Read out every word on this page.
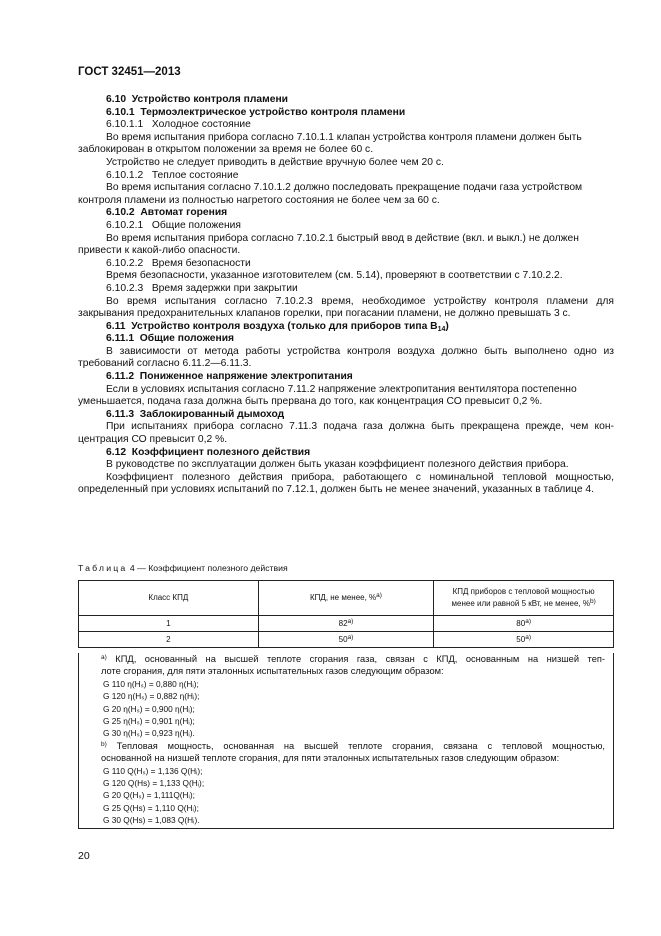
ГОСТ 32451—2013
6.10 Устройство контроля пламени
6.10.1 Термоэлектрическое устройство контроля пламени
6.10.1.1 Холодное состояние
Во время испытания прибора согласно 7.10.1.1 клапан устройства контроля пламени должен быть
заблокирован в открытом положении за время не более 60 с.
Устройство не следует приводить в действие вручную более чем 20 с.
6.10.1.2 Теплое состояние
Во время испытания согласно 7.10.1.2 должно последовать прекращение подачи газа устройством
контроля пламени из полностью нагретого состояния не более чем за 60 с.
6.10.2 Автомат горения
6.10.2.1 Общие положения
Во время испытания прибора согласно 7.10.2.1 быстрый ввод в действие (вкл. и выкл.) не должен
привести к какой-либо опасности.
6.10.2.2 Время безопасности
Время безопасности, указанное изготовителем (см. 5.14), проверяют в соответствии с 7.10.2.2.
6.10.2.3 Время задержки при закрытии
Во время испытания согласно 7.10.2.3 время, необходимое устройству контроля пламени для
закрывания предохранительных клапанов горелки, при погасании пламени, не должно превышать 3 с.
6.11 Устройство контроля воздуха (только для приборов типа $B_{14}$)
6.11.1 Общие положения
В зависимости от метода работы устройства контроля воздуха должно быть выполнено одно из
требований согласно 6.11.2—6.11.3.
6.11.2 Пониженное напряжение электропитания
Если в условиях испытания согласно 7.11.2 напряжение электропитания вентилятора постепенно
уменьшается, подача газа должна быть прервана до того, как концентрация СО превысит 0,2 %.
6.11.3 Заблокированный дымоход
При испытаниях прибора согласно 7.11.3 подача газа должна быть прекращена прежде, чем кон-
центрация СО превысит 0,2 %.
6.12 Коэффициент полезного действия
В руководстве по эксплуатации должен быть указан коэффициент полезного действия прибора.
Коэффициент полезного действия прибора, работающего с номинальной тепловой мощностью,
определенный при условиях испытаний по 7.12.1, должен быть не менее значений, указанных в таблице 4.
Таблица 4 — Коэффициент полезного действия
Класс КПД	КПД, не менее, %$^{a)}$	КПД приборов с тепловой мощностью
менее или равной 5 кВт, не менее, %$^{b)}$
1	82$^{a)}$	80$^{a)}$
2	50$^{a)}$	50$^{a)}$
$^{a)}$ КПД, основанный на высшей теплоте сгорания газа, связан с КПД, основанным на низшей теп-
лоте сгорания, для пяти эталонных испытательных газов следующим образом:
G 110 η(Hₛ) = 0,880 η(Hᵢ);
G 120 η(Hₛ) = 0,882 η(Hᵢ);
G 20 η(Hₛ) = 0,900 η(Hᵢ);
G 25 η(Hₛ) = 0,901 η(Hᵢ);
G 30 η(Hₛ) = 0,923 η(Hᵢ).
$^{b)}$ Тепловая мощность, основанная на высшей теплоте сгорания, связана с тепловой мощностью,
основанной на низшей теплоте сгорания, для пяти эталонных испытательных газов следующим образом:
G 110 Q(Hₛ) = 1,136 Q(Hᵢ);
G 120 Q(Hs) = 1,133 Q(Hᵢ);
G 20 Q(Hₛ) = 1,111Q(Hᵢ);
G 25 Q(Hs) = 1,110 Q(Hᵢ);
G 30 Q(Hs) = 1,083 Q(Hᵢ).
20
